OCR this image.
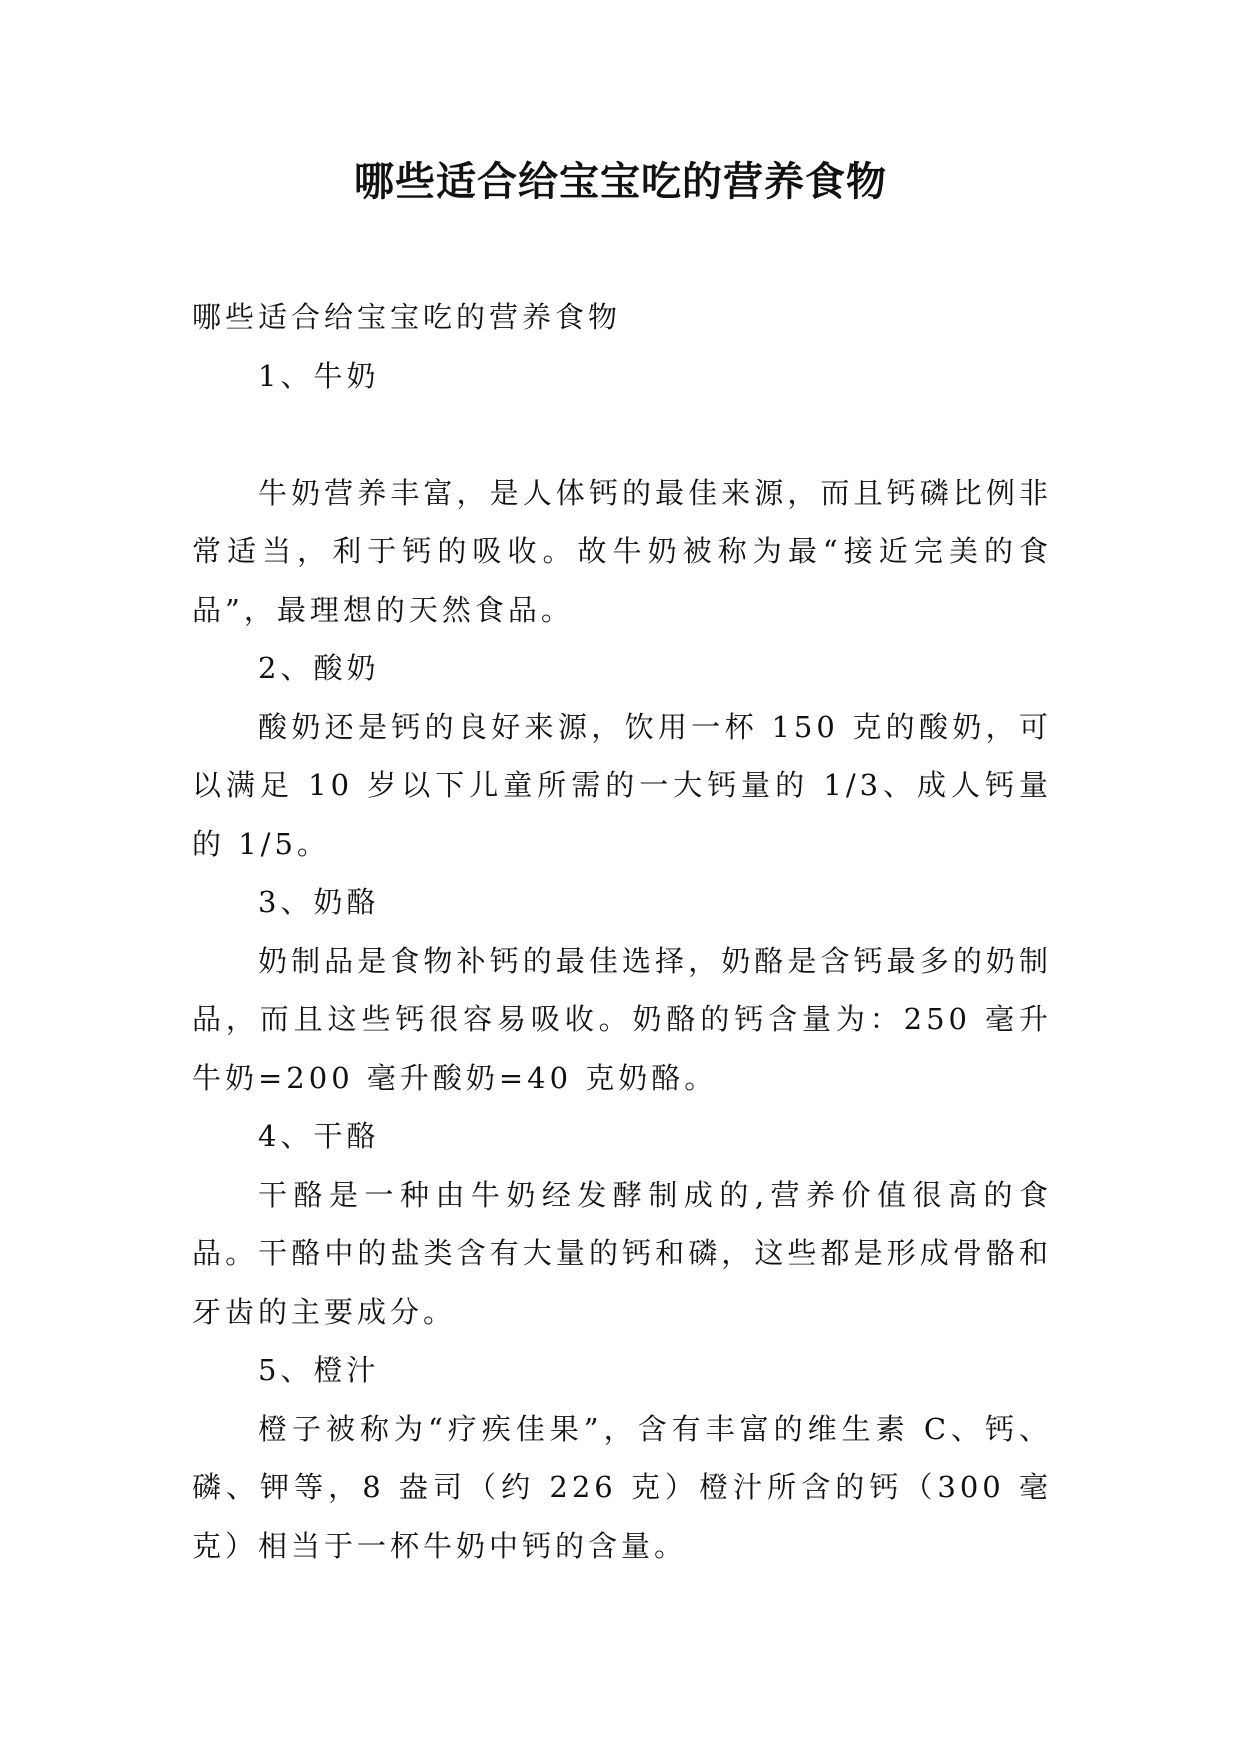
哪些适合给宝宝吃的营养食物

哪些适合给宝宝吃的营养食物

1、牛奶

牛奶营养丰富，是人体钙的最佳来源，而且钙磷比例非常适当，利于钙的吸收。故牛奶被称为最“接近完美的食品”，最理想的天然食品。

2、酸奶

酸奶还是钙的良好来源，饮用一杯 150 克的酸奶，可以满足 10 岁以下儿童所需的一大钙量的 1/3、成人钙量的 1/5。

3、奶酪

奶制品是食物补钙的最佳选择，奶酪是含钙最多的奶制品，而且这些钙很容易吸收。奶酪的钙含量为：250 毫升牛奶=200 毫升酸奶=40 克奶酪。

4、干酪

干酪是一种由牛奶经发酵制成的,营养价值很高的食品。干酪中的盐类含有大量的钙和磷，这些都是形成骨骼和牙齿的主要成分。

5、橙汁

橙子被称为“疗疾佳果”，含有丰富的维生素 C、钙、磷、钾等，8 盎司（约 226 克）橙汁所含的钙（300 毫克）相当于一杯牛奶中钙的含量。
